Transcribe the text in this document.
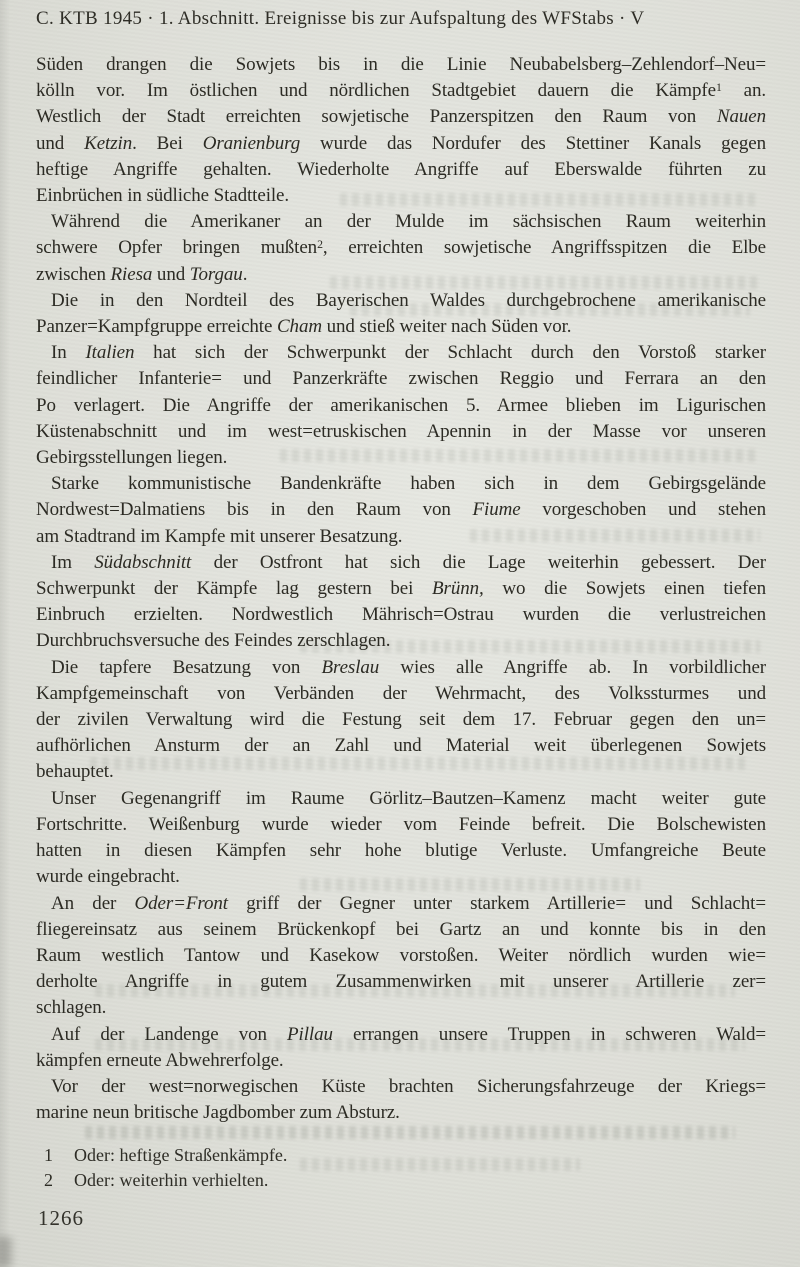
C. KTB 1945 · 1. Abschnitt. Ereignisse bis zur Aufspaltung des WFStabs · V
Süden drangen die Sowjets bis in die Linie Neubabelsberg–Zehlendorf–Neu=
kölln vor. Im östlichen und nördlichen Stadtgebiet dauern die Kämpfe$^1$ an.
Westlich der Stadt erreichten sowjetische Panzerspitzen den Raum von Nauen
und Ketzin. Bei Oranienburg wurde das Nordufer des Stettiner Kanals gegen
heftige Angriffe gehalten. Wiederholte Angriffe auf Eberswalde führten zu
Einbrüchen in südliche Stadtteile.
Während die Amerikaner an der Mulde im sächsischen Raum weiterhin
schwere Opfer bringen mußten$^2$, erreichten sowjetische Angriffsspitzen die Elbe
zwischen Riesa und Torgau.
Die in den Nordteil des Bayerischen Waldes durchgebrochene amerikanische
Panzer=Kampfgruppe erreichte Cham und stieß weiter nach Süden vor.
In Italien hat sich der Schwerpunkt der Schlacht durch den Vorstoß starker
feindlicher Infanterie= und Panzerkräfte zwischen Reggio und Ferrara an den
Po verlagert. Die Angriffe der amerikanischen 5. Armee blieben im Ligurischen
Küstenabschnitt und im west=etruskischen Apennin in der Masse vor unseren
Gebirgsstellungen liegen.
Starke kommunistische Bandenkräfte haben sich in dem Gebirgsgelände
Nordwest=Dalmatiens bis in den Raum von Fiume vorgeschoben und stehen
am Stadtrand im Kampfe mit unserer Besatzung.
Im Südabschnitt der Ostfront hat sich die Lage weiterhin gebessert. Der
Schwerpunkt der Kämpfe lag gestern bei Brünn, wo die Sowjets einen tiefen
Einbruch erzielten. Nordwestlich Mährisch=Ostrau wurden die verlustreichen
Durchbruchsversuche des Feindes zerschlagen.
Die tapfere Besatzung von Breslau wies alle Angriffe ab. In vorbildlicher
Kampfgemeinschaft von Verbänden der Wehrmacht, des Volkssturmes und
der zivilen Verwaltung wird die Festung seit dem 17. Februar gegen den un=
aufhörlichen Ansturm der an Zahl und Material weit überlegenen Sowjets
behauptet.
Unser Gegenangriff im Raume Görlitz–Bautzen–Kamenz macht weiter gute
Fortschritte. Weißenburg wurde wieder vom Feinde befreit. Die Bolschewisten
hatten in diesen Kämpfen sehr hohe blutige Verluste. Umfangreiche Beute
wurde eingebracht.
An der Oder=Front griff der Gegner unter starkem Artillerie= und Schlacht=
fliegereinsatz aus seinem Brückenkopf bei Gartz an und konnte bis in den
Raum westlich Tantow und Kasekow vorstoßen. Weiter nördlich wurden wie=
derholte Angriffe in gutem Zusammenwirken mit unserer Artillerie zer=
schlagen.
Auf der Landenge von Pillau errangen unsere Truppen in schweren Wald=
kämpfen erneute Abwehrerfolge.
Vor der west=norwegischen Küste brachten Sicherungsfahrzeuge der Kriegs=
marine neun britische Jagdbomber zum Absturz.
1	Oder: heftige Straßenkämpfe.
2	Oder: weiterhin verhielten.
1266
